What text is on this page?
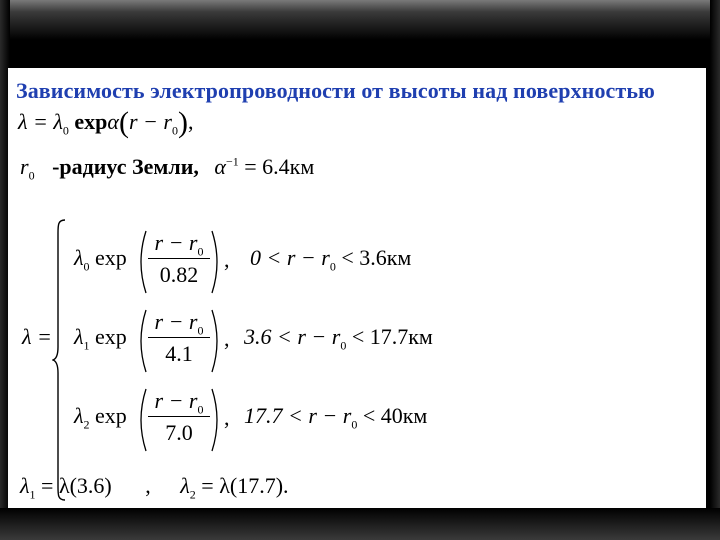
Зависимость электропроводности от высоты над поверхностью
$\lambda = \lambda_0$ $\exp\alpha(r - r_0)$,
$r_0$ -радиус Земли, $\alpha^{-1} = 6.4км$
λ =
$\lambda_0$ exp
$r - r_0$
0.82
, $0 < r - r_0 < 3.6км$
$\lambda_1$ exp
$r - r_0$
4.1
, $3.6 < r - r_0 < 17.7км$
$\lambda_2$ exp
$r - r_0$
7.0
, $17.7 < r - r_0 < 40км$
$\lambda_1 = \lambda(3.6)$ , $\lambda_2 = \lambda(17.7)$.
